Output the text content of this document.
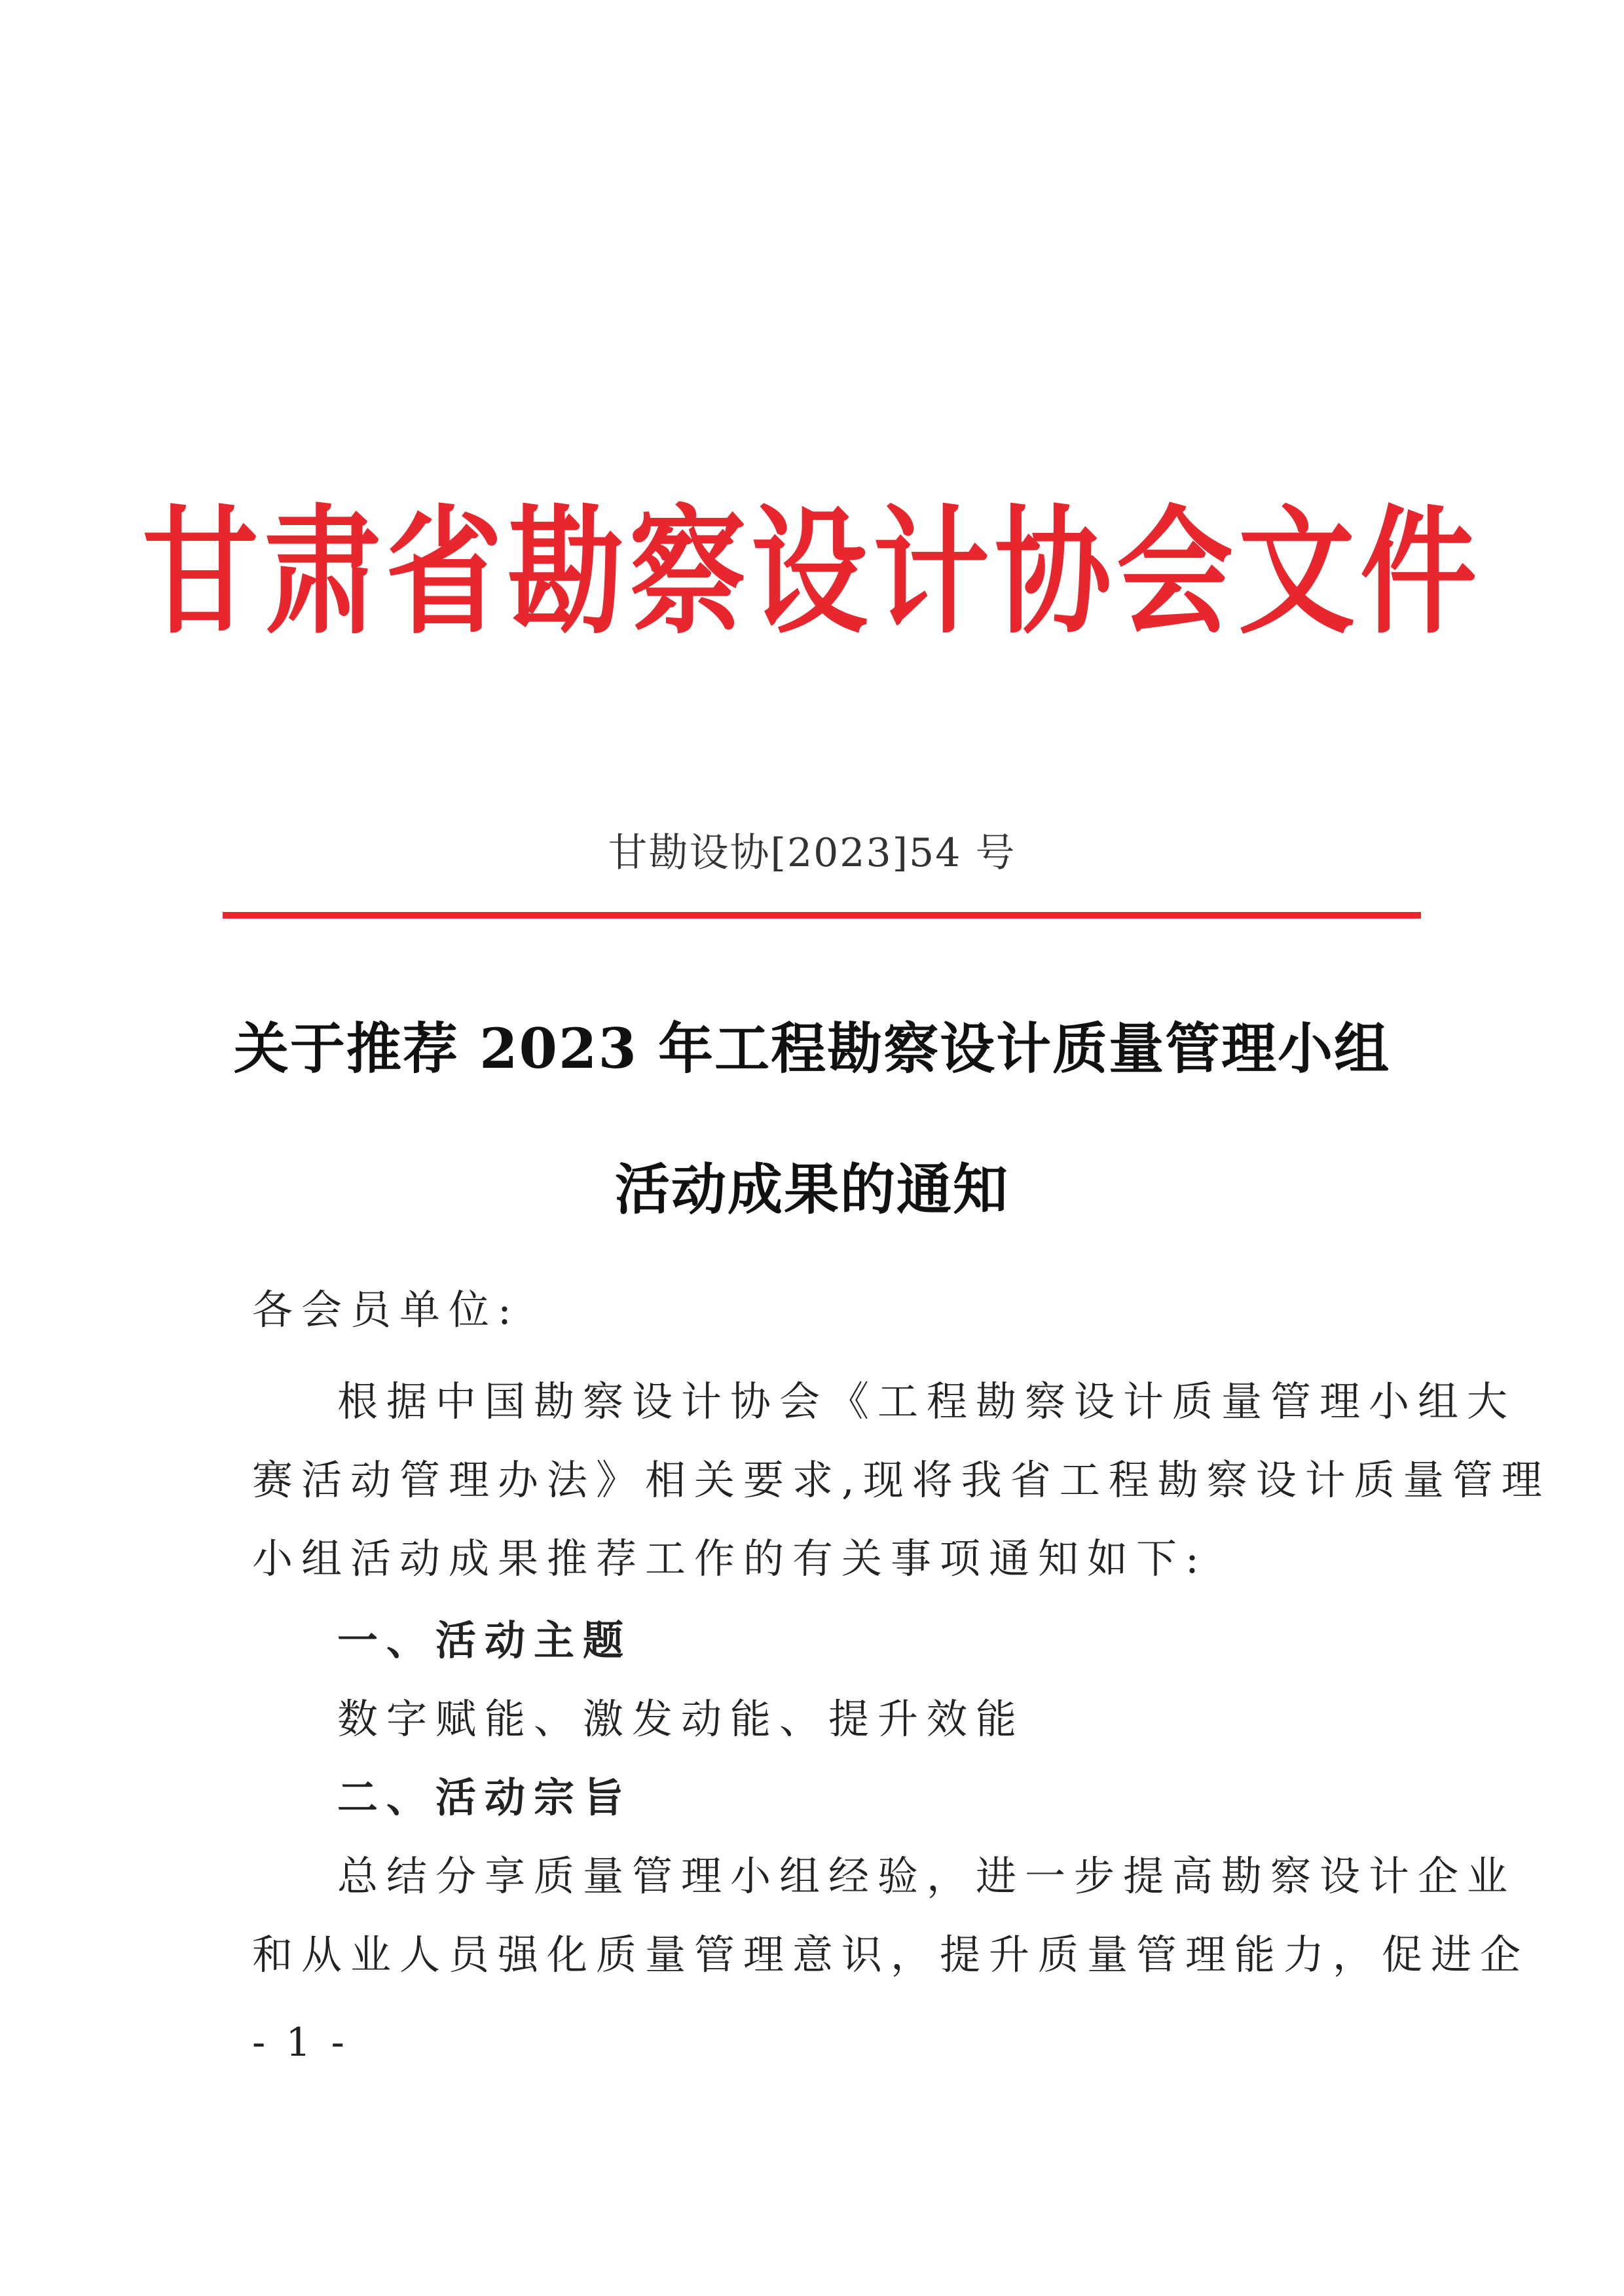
甘肃省勘察设计协会文件
甘勘设协[2023]54 号
关于推荐 2023 年工程勘察设计质量管理小组
活动成果的通知
各会员单位:
根据中国勘察设计协会《工程勘察设计质量管理小组大
赛活动管理办法》相关要求,现将我省工程勘察设计质量管理
小组活动成果推荐工作的有关事项通知如下:
一、活动主题
数字赋能、激发动能、提升效能
二、活动宗旨
总结分享质量管理小组经验，进一步提高勘察设计企业
和从业人员强化质量管理意识，提升质量管理能力，促进企
- 1 -
